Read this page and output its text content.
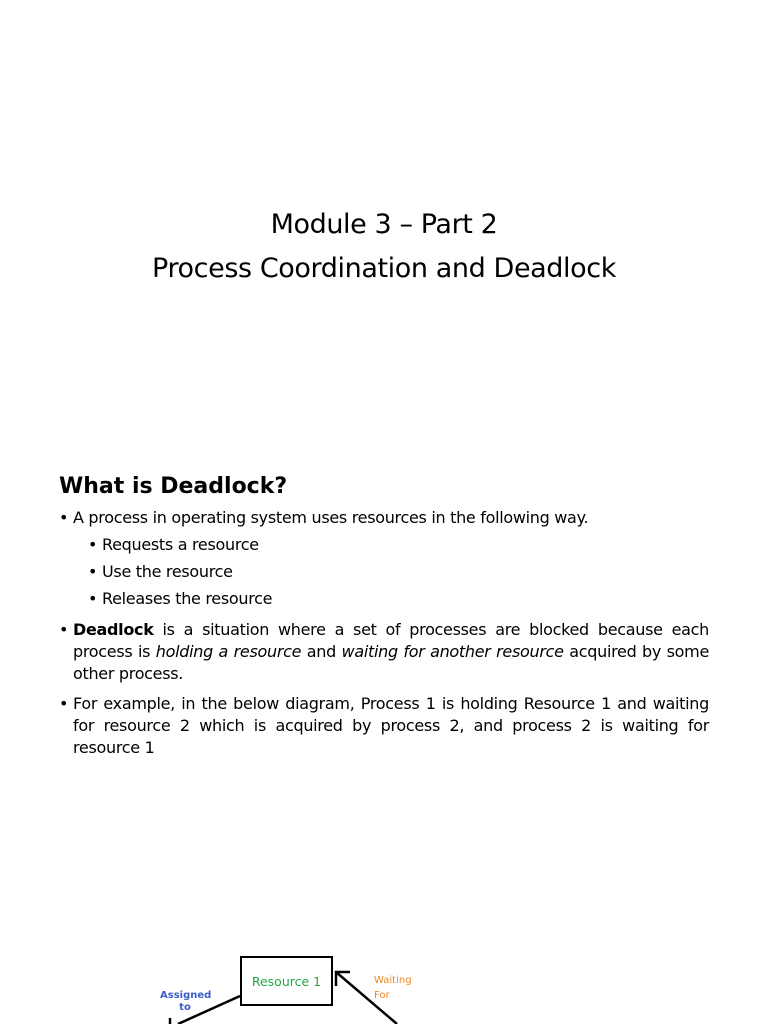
Module 3 – Part 2
Process Coordination and Deadlock
What is Deadlock?
• A process in operating system uses resources in the following way.
• Requests a resource
• Use the resource
• Releases the resource
• Deadlock is a situation where a set of processes are blocked because each process is holding a resource and waiting for another resource acquired by some other process.
• For example, in the below diagram, Process 1 is holding Resource 1 and waiting for resource 2 which is acquired by process 2, and process 2 is waiting for resource 1
Resource 1
Assigned to
Waiting
For
